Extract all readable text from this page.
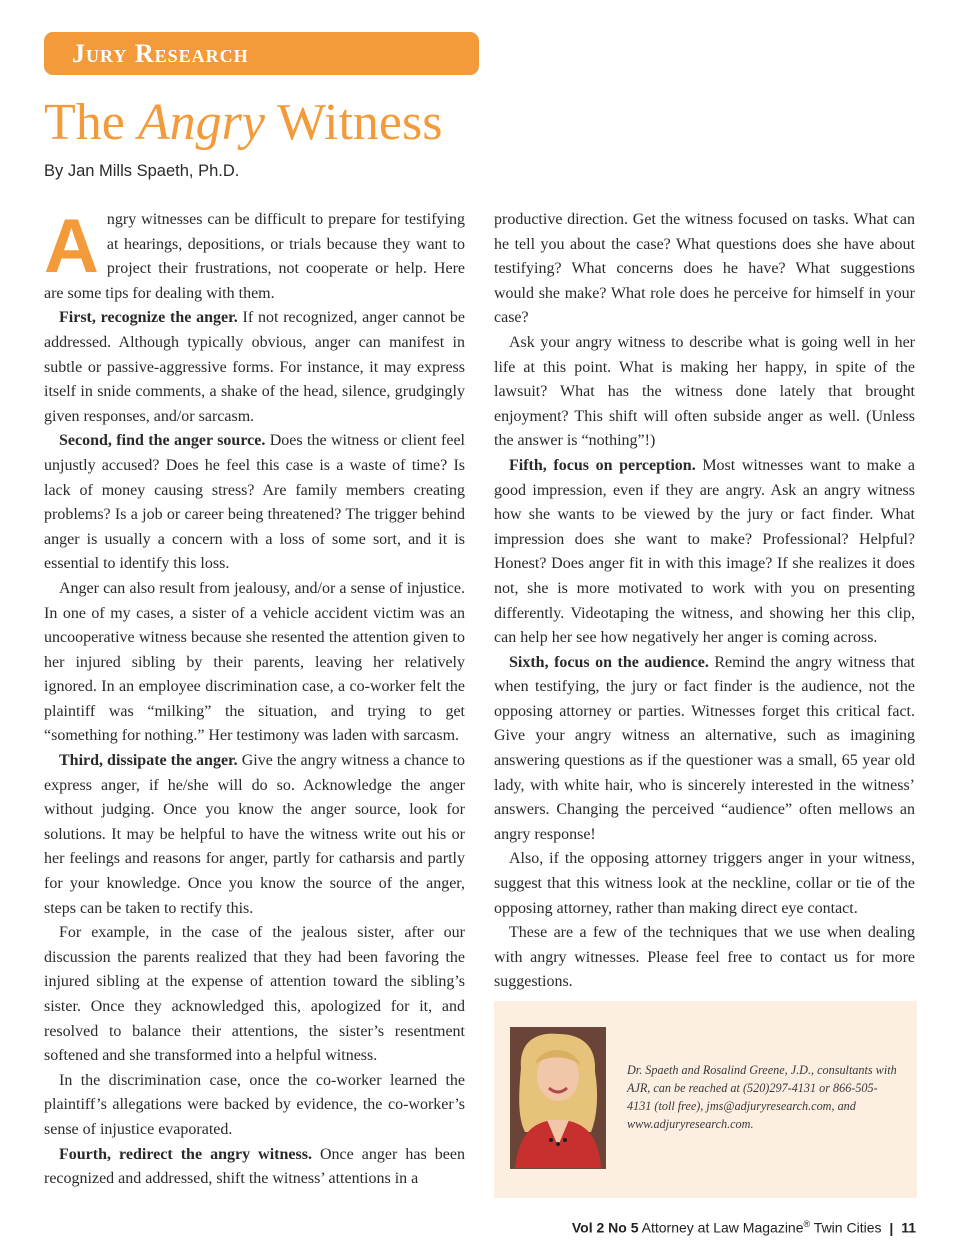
Jury Research
The Angry Witness
By Jan Mills Spaeth, Ph.D.

Angry witnesses can be difficult to prepare for testifying at hearings, depositions, or trials because they want to project their frustrations, not cooperate or help. Here are some tips for dealing with them.

First, recognize the anger. If not recognized, anger cannot be addressed. Although typically obvious, anger can manifest in subtle or passive-aggressive forms. For instance, it may express itself in snide comments, a shake of the head, silence, grudgingly given responses, and/or sarcasm.

Second, find the anger source. Does the witness or client feel unjustly accused? Does he feel this case is a waste of time? Is lack of money causing stress? Are family members creating problems? Is a job or career being threatened? The trigger behind anger is usually a concern with a loss of some sort, and it is essential to identify this loss.

Anger can also result from jealousy, and/or a sense of injustice. In one of my cases, a sister of a vehicle accident victim was an uncooperative witness because she resented the attention given to her injured sibling by their parents, leaving her relatively ignored. In an employee discrimination case, a co-worker felt the plaintiff was “milking” the situation, and trying to get “something for nothing.” Her testimony was laden with sarcasm.

Third, dissipate the anger. Give the angry witness a chance to express anger, if he/she will do so. Acknowledge the anger without judging. Once you know the anger source, look for solutions. It may be helpful to have the witness write out his or her feelings and reasons for anger, partly for catharsis and partly for your knowledge. Once you know the source of the anger, steps can be taken to rectify this.

For example, in the case of the jealous sister, after our discussion the parents realized that they had been favoring the injured sibling at the expense of attention toward the sibling’s sister. Once they acknowledged this, apologized for it, and resolved to balance their attentions, the sister’s resentment softened and she transformed into a helpful witness.

In the discrimination case, once the co-worker learned the plaintiff’s allegations were backed by evidence, the co-worker’s sense of injustice evaporated.

Fourth, redirect the angry witness. Once anger has been recognized and addressed, shift the witness’ attentions in a

productive direction. Get the witness focused on tasks. What can he tell you about the case? What questions does she have about testifying? What concerns does he have? What suggestions would she make? What role does he perceive for himself in your case?

Ask your angry witness to describe what is going well in her life at this point. What is making her happy, in spite of the lawsuit? What has the witness done lately that brought enjoyment? This shift will often subside anger as well. (Unless the answer is “nothing”!)

Fifth, focus on perception. Most witnesses want to make a good impression, even if they are angry. Ask an angry witness how she wants to be viewed by the jury or fact finder. What impression does she want to make? Professional? Helpful? Honest? Does anger fit in with this image? If she realizes it does not, she is more motivated to work with you on presenting differently. Videotaping the witness, and showing her this clip, can help her see how negatively her anger is coming across.

Sixth, focus on the audience. Remind the angry witness that when testifying, the jury or fact finder is the audience, not the opposing attorney or parties. Witnesses forget this critical fact. Give your angry witness an alternative, such as imagining answering questions as if the questioner was a small, 65 year old lady, with white hair, who is sincerely interested in the witness’ answers. Changing the perceived “audience” often mellows an angry response!

Also, if the opposing attorney triggers anger in your witness, suggest that this witness look at the neckline, collar or tie of the opposing attorney, rather than making direct eye contact.

These are a few of the techniques that we use when dealing with angry witnesses. Please feel free to contact us for more suggestions.

Dr. Spaeth and Rosalind Greene, J.D., consultants with AJR, can be reached at (520)297-4131 or 866-505-4131 (toll free), jms@adjuryresearch.com, and www.adjuryresearch.com.

Vol 2 No 5 Attorney at Law Magazine® Twin Cities | 11
